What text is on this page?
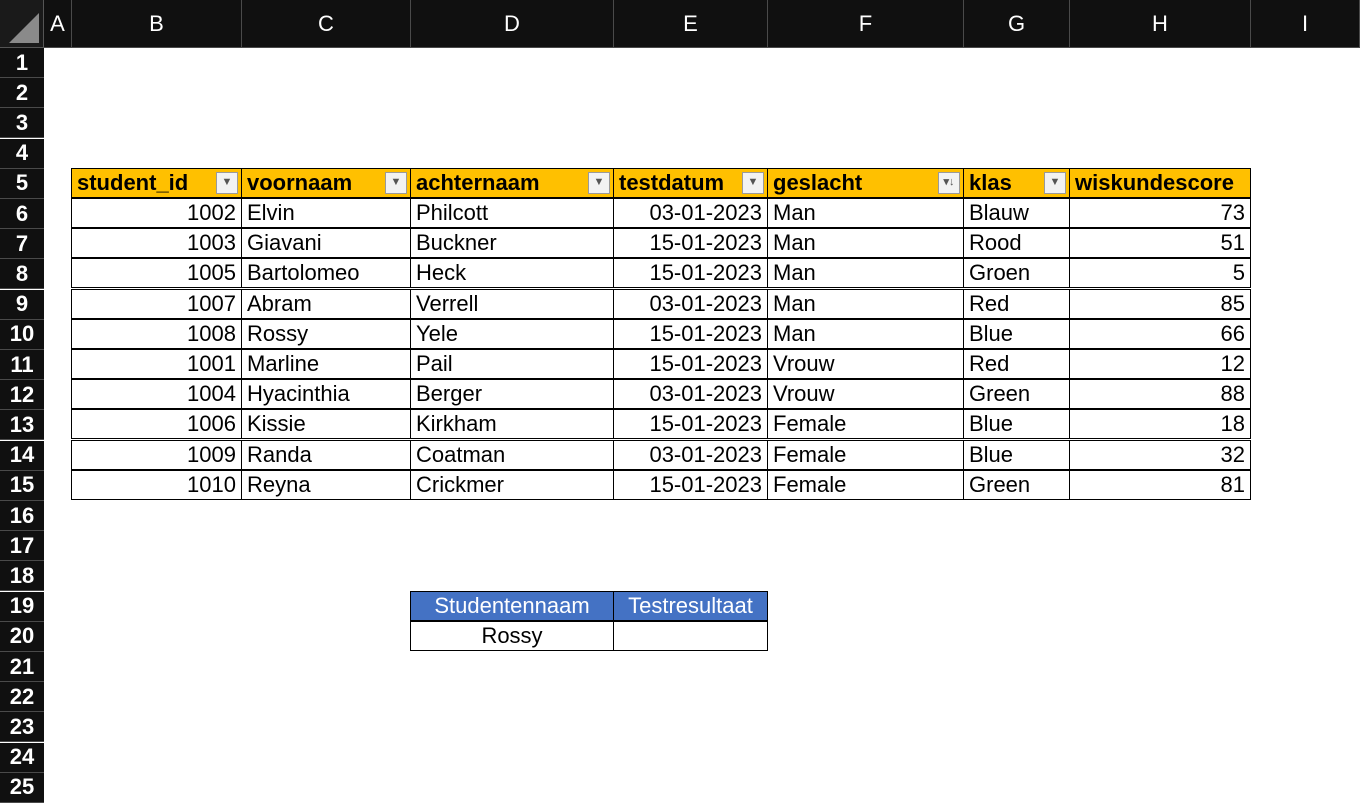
A	B	C	D	E	F	G	H	I
1
2
3
4
5
6
7
8
9
10
11
12
13
14
15
16
17
18
19
20
21
22
23
24
25
student_id	▼ voornaam	▼ achternaam	▼ testdatum	▼ geslacht	▾↓ klas	▼ wiskundescore
1002 Elvin	Philcott	03-01-2023 Man	Blauw	73
1003 Giavani	Buckner	15-01-2023 Man	Rood	51
1005 Bartolomeo	Heck	15-01-2023 Man	Groen	5
1007 Abram	Verrell	03-01-2023 Man	Red	85
1008 Rossy	Yele	15-01-2023 Man	Blue	66
1001 Marline	Pail	15-01-2023 Vrouw	Red	12
1004 Hyacinthia	Berger	03-01-2023 Vrouw	Green	88
1006 Kissie	Kirkham	15-01-2023 Female	Blue	18
1009 Randa	Coatman	03-01-2023 Female	Blue	32
1010 Reyna	Crickmer	15-01-2023 Female	Green	81
Studentennaam	Testresultaat
Rossy
